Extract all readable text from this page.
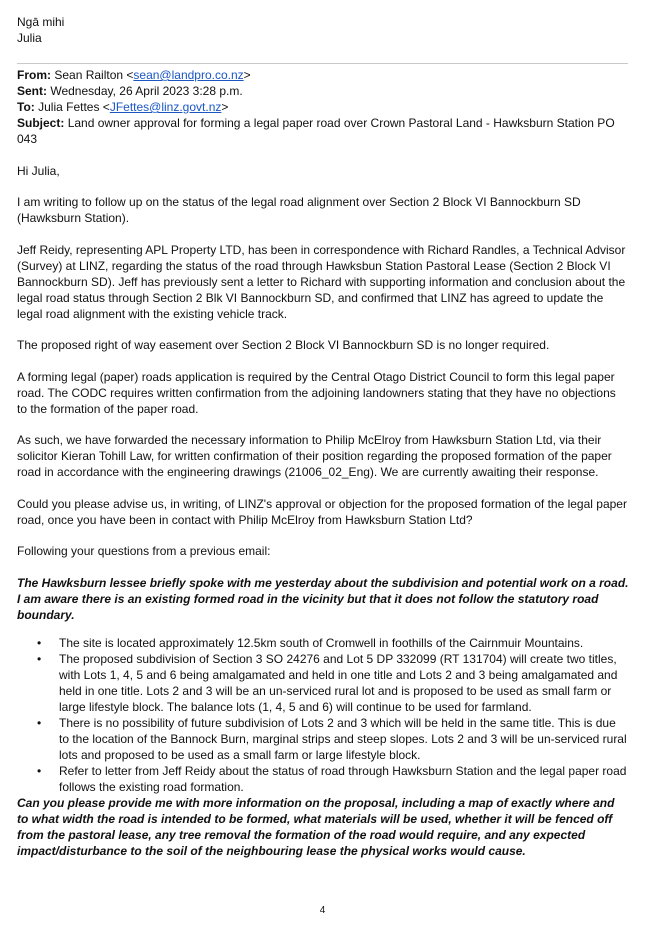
Ngā mihi
Julia
From: Sean Railton <sean@landpro.co.nz>
Sent: Wednesday, 26 April 2023 3:28 p.m.
To: Julia Fettes <JFettes@linz.govt.nz>
Subject: Land owner approval for forming a legal paper road over Crown Pastoral Land - Hawksburn Station PO 043

Hi Julia,

I am writing to follow up on the status of the legal road alignment over Section 2 Block VI Bannockburn SD (Hawksburn Station).

Jeff Reidy, representing APL Property LTD, has been in correspondence with Richard Randles, a Technical Advisor (Survey) at LINZ, regarding the status of the road through Hawksbun Station Pastoral Lease (Section 2 Block VI Bannockburn SD). Jeff has previously sent a letter to Richard with supporting information and conclusion about the legal road status through Section 2 Blk VI Bannockburn SD, and confirmed that LINZ has agreed to update the legal road alignment with the existing vehicle track.

The proposed right of way easement over Section 2 Block VI Bannockburn SD is no longer required.

A forming legal (paper) roads application is required by the Central Otago District Council to form this legal paper road. The CODC requires written confirmation from the adjoining landowners stating that they have no objections to the formation of the paper road.

As such, we have forwarded the necessary information to Philip McElroy from Hawksburn Station Ltd, via their solicitor Kieran Tohill Law, for written confirmation of their position regarding the proposed formation of the paper road in accordance with the engineering drawings (21006_02_Eng). We are currently awaiting their response.

Could you please advise us, in writing, of LINZ's approval or objection for the proposed formation of the legal paper road, once you have been in contact with Philip McElroy from Hawksburn Station Ltd?

Following your questions from a previous email:

The Hawksburn lessee briefly spoke with me yesterday about the subdivision and potential work on a road. I am aware there is an existing formed road in the vicinity but that it does not follow the statutory road boundary.

• The site is located approximately 12.5km south of Cromwell in foothills of the Cairnmuir Mountains.
• The proposed subdivision of Section 3 SO 24276 and Lot 5 DP 332099 (RT 131704) will create two titles, with Lots 1, 4, 5 and 6 being amalgamated and held in one title and Lots 2 and 3 being amalgamated and held in one title. Lots 2 and 3 will be an un-serviced rural lot and is proposed to be used as small farm or large lifestyle block. The balance lots (1, 4, 5 and 6) will continue to be used for farmland.
• There is no possibility of future subdivision of Lots 2 and 3 which will be held in the same title. This is due to the location of the Bannock Burn, marginal strips and steep slopes. Lots 2 and 3 will be un-serviced rural lots and proposed to be used as a small farm or large lifestyle block.
• Refer to letter from Jeff Reidy about the status of road through Hawksburn Station and the legal paper road follows the existing road formation.

Can you please provide me with more information on the proposal, including a map of exactly where and to what width the road is intended to be formed, what materials will be used, whether it will be fenced off from the pastoral lease, any tree removal the formation of the road would require, and any expected impact/disturbance to the soil of the neighbouring lease the physical works would cause.

4
